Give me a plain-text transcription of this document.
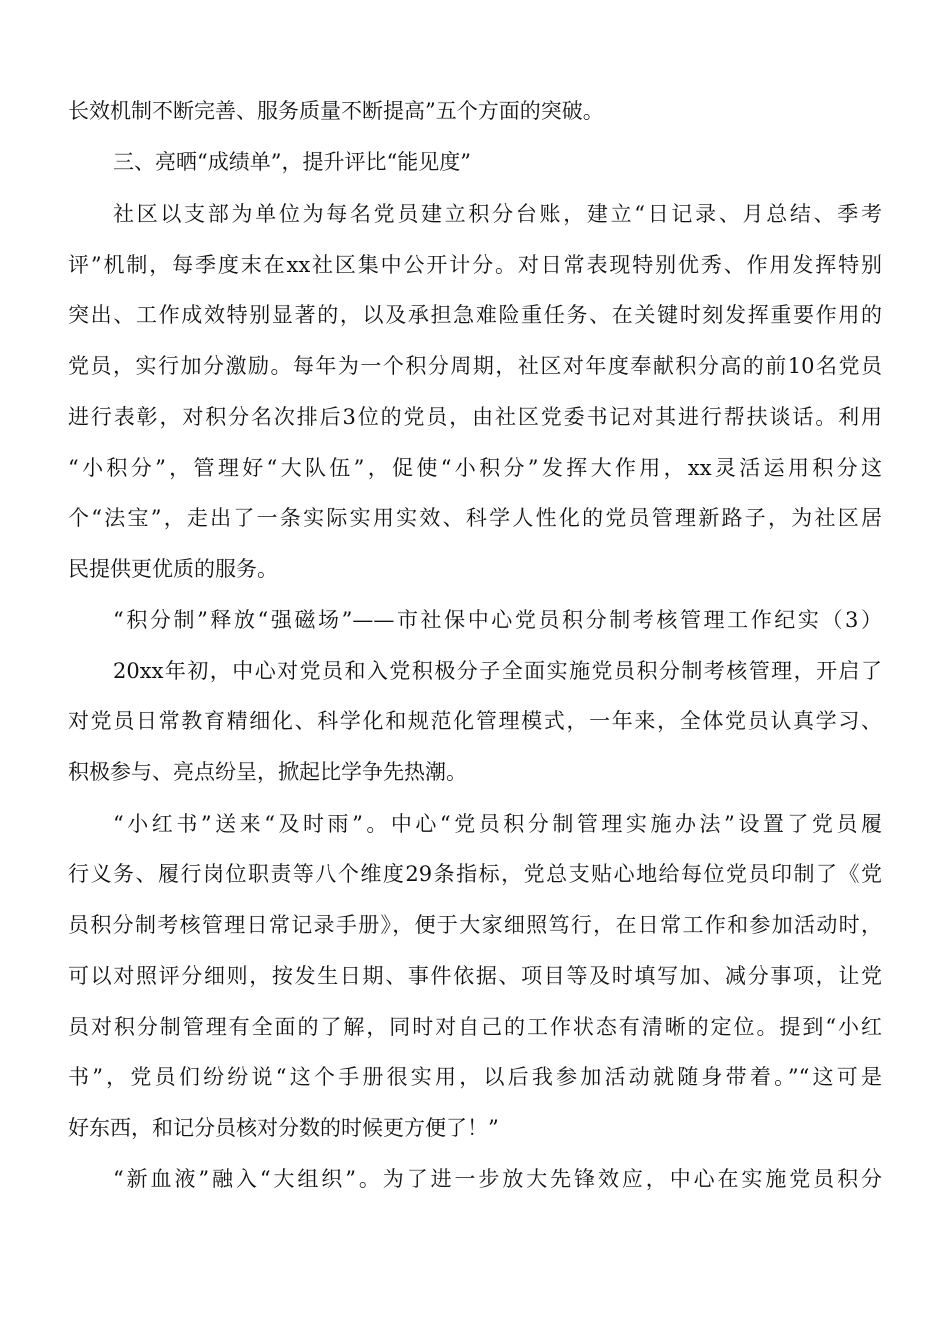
长效机制不断完善、服务质量不断提高”五个方面的突破。
三、亮晒“成绩单”，提升评比“能见度”
社区以支部为单位为每名党员建立积分台账，建立“日记录、月总结、季考
评”机制，每季度末在xx社区集中公开计分。对日常表现特别优秀、作用发挥特别
突出、工作成效特别显著的，以及承担急难险重任务、在关键时刻发挥重要作用的
党员，实行加分激励。每年为一个积分周期，社区对年度奉献积分高的前10名党员
进行表彰，对积分名次排后3位的党员，由社区党委书记对其进行帮扶谈话。利用
“小积分”，管理好“大队伍”，促使“小积分”发挥大作用，xx灵活运用积分这
个“法宝”，走出了一条实际实用实效、科学人性化的党员管理新路子，为社区居
民提供更优质的服务。
“积分制”释放“强磁场”——市社保中心党员积分制考核管理工作纪实（3）
20xx年初，中心对党员和入党积极分子全面实施党员积分制考核管理，开启了
对党员日常教育精细化、科学化和规范化管理模式，一年来，全体党员认真学习、
积极参与、亮点纷呈，掀起比学争先热潮。
“小红书”送来“及时雨”。中心“党员积分制管理实施办法”设置了党员履
行义务、履行岗位职责等八个维度29条指标，党总支贴心地给每位党员印制了《党
员积分制考核管理日常记录手册》，便于大家细照笃行，在日常工作和参加活动时，
可以对照评分细则，按发生日期、事件依据、项目等及时填写加、减分事项，让党
员对积分制管理有全面的了解，同时对自己的工作状态有清晰的定位。提到“小红
书”，党员们纷纷说“这个手册很实用，以后我参加活动就随身带着。”“这可是
好东西，和记分员核对分数的时候更方便了！”
“新血液”融入“大组织”。为了进一步放大先锋效应，中心在实施党员积分
